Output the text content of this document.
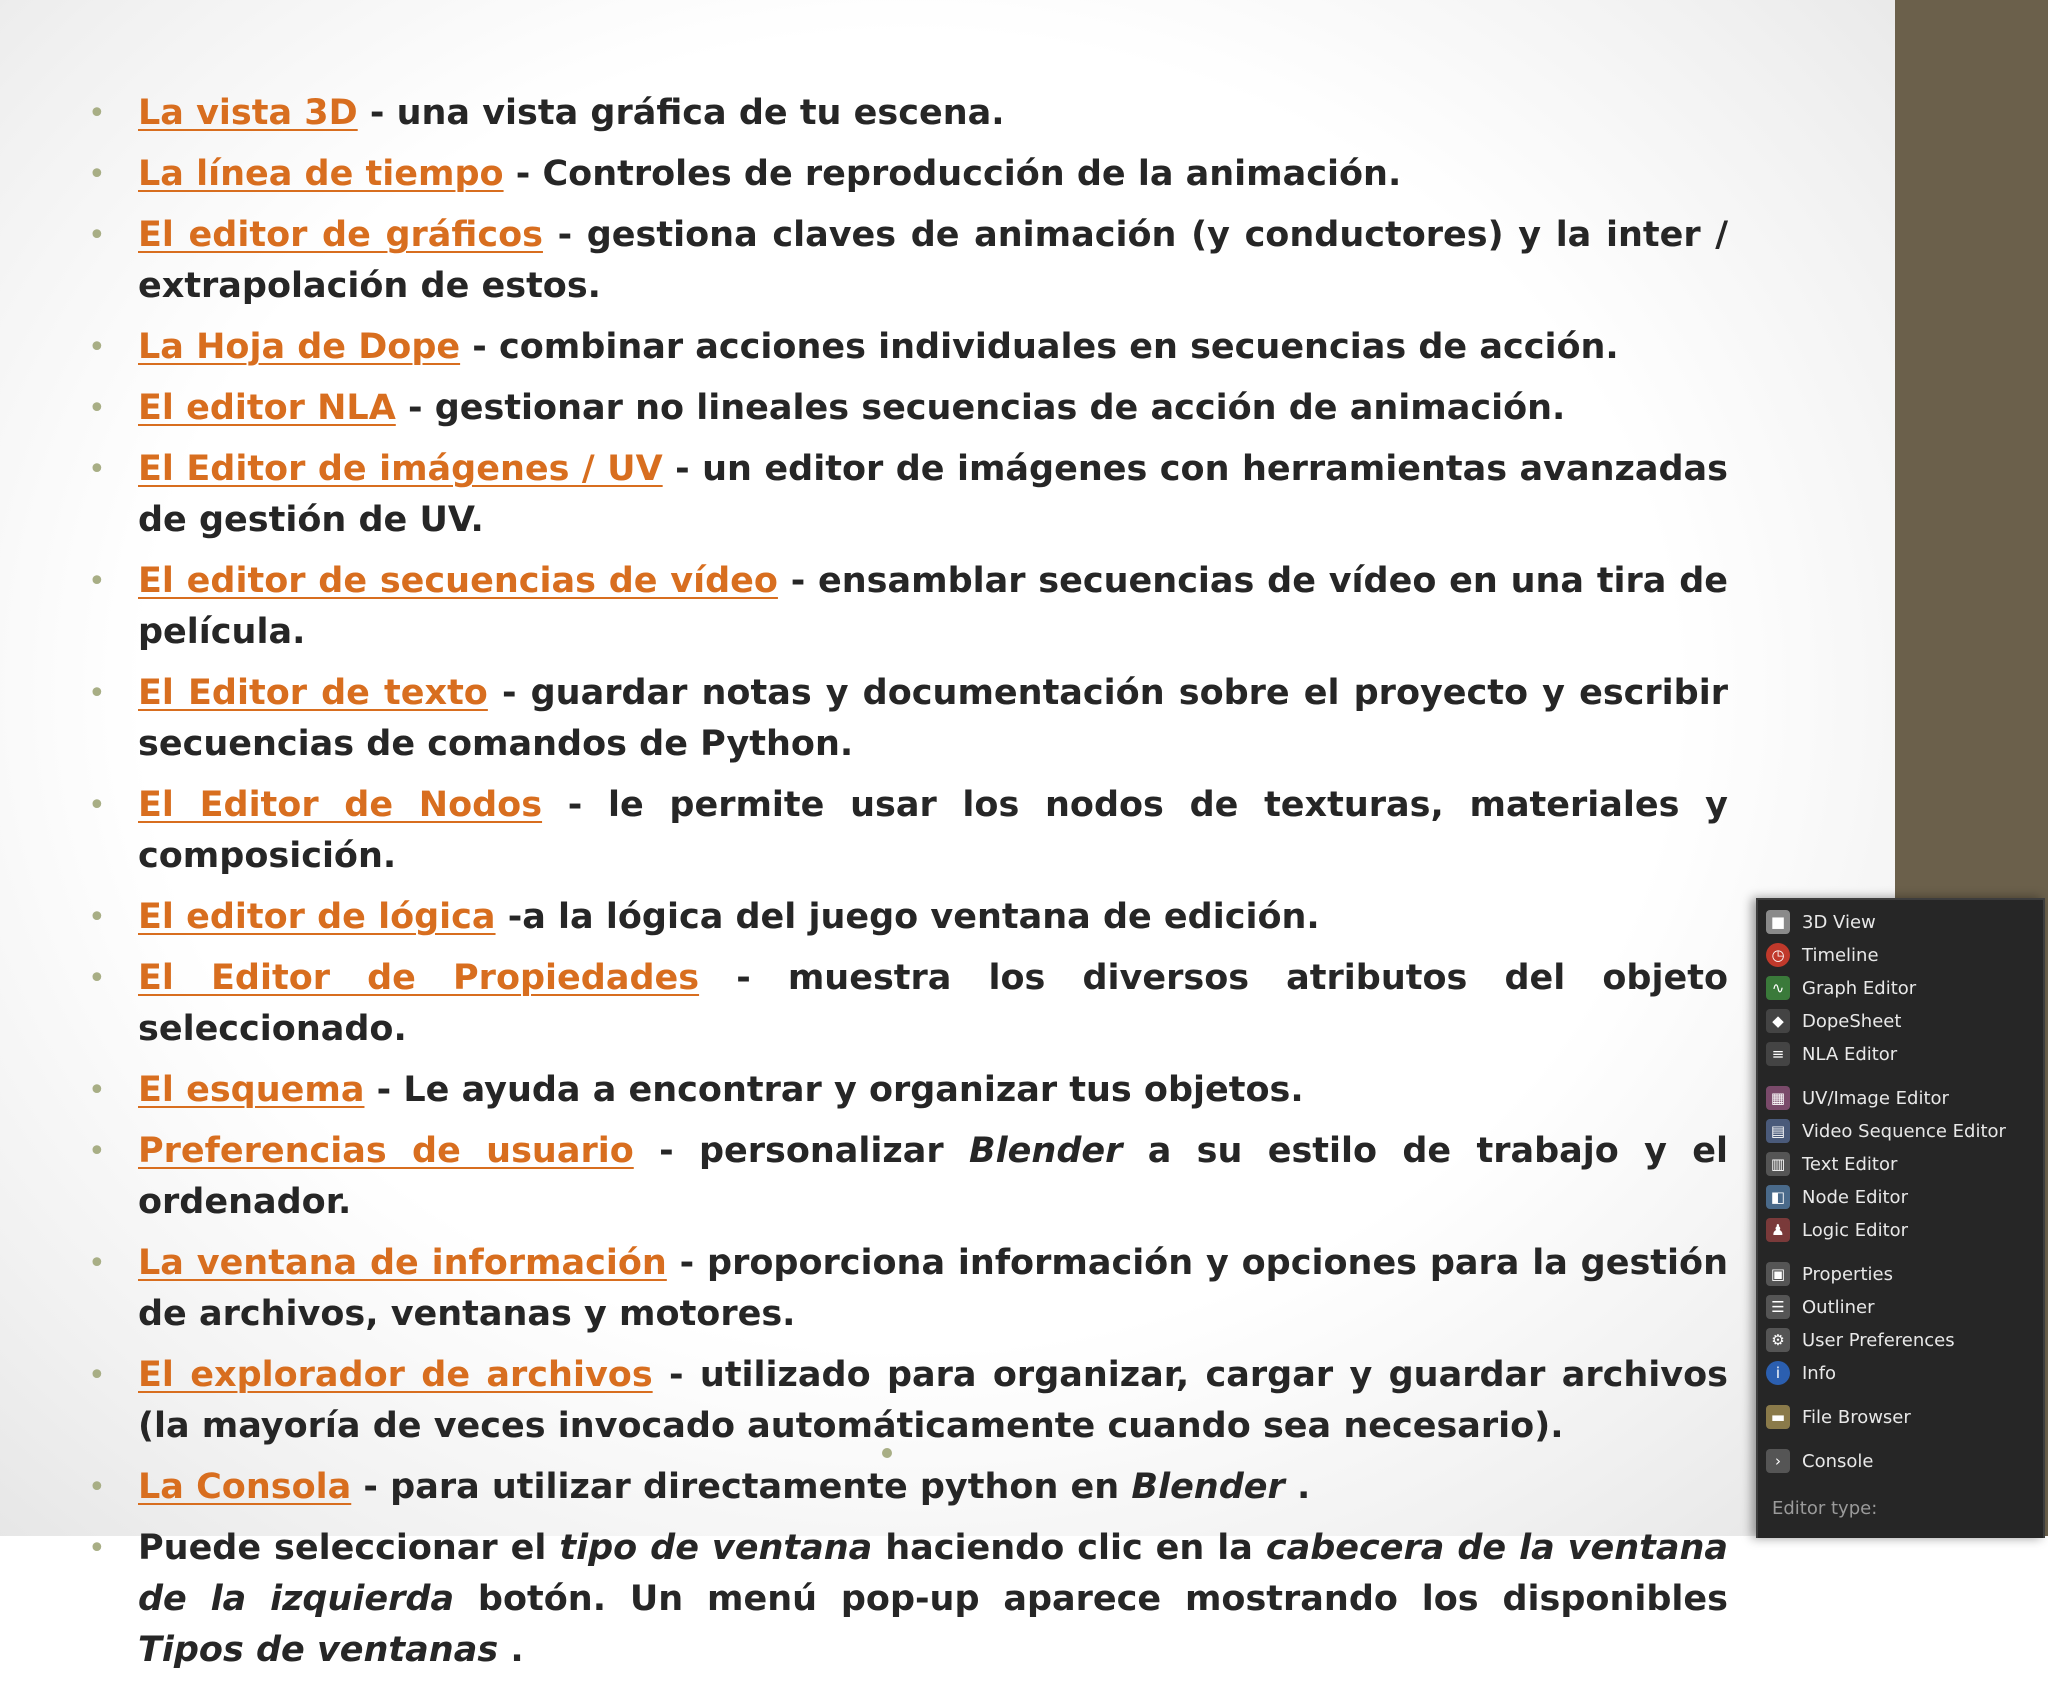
• La vista 3D - una vista gráfica de tu escena.
• La línea de tiempo - Controles de reproducción de la animación.
• El editor de gráficos - gestiona claves de animación (y conductores) y la inter / extrapolación de estos.
• La Hoja de Dope - combinar acciones individuales en secuencias de acción.
• El editor NLA - gestionar no lineales secuencias de acción de animación.
• El Editor de imágenes / UV - un editor de imágenes con herramientas avanzadas de gestión de UV.
• El editor de secuencias de vídeo - ensamblar secuencias de vídeo en una tira de película.
• El Editor de texto - guardar notas y documentación sobre el proyecto y escribir secuencias de comandos de Python.
• El Editor de Nodos - le permite usar los nodos de texturas, materiales y composición.
• El editor de lógica -a la lógica del juego ventana de edición.
• El Editor de Propiedades - muestra los diversos atributos del objeto seleccionado.
• El esquema - Le ayuda a encontrar y organizar tus objetos.
• Preferencias de usuario - personalizar Blender a su estilo de trabajo y el ordenador.
• La ventana de información - proporciona información y opciones para la gestión de archivos, ventanas y motores.
• El explorador de archivos - utilizado para organizar, cargar y guardar archivos (la mayoría de veces invocado automáticamente cuando sea necesario).
• La Consola - para utilizar directamente python en Blender .
• Puede seleccionar el tipo de ventana haciendo clic en la cabecera de la ventana de la izquierda botón. Un menú pop-up aparece mostrando los disponibles Tipos de ventanas .
■ 3D View
◷ Timeline
∿ Graph Editor
◆	DopeSheet
≡ NLA Editor
▦ UV/Image Editor
▤ Video Sequence Editor
▥ Text Editor
◧ Node Editor
♟ Logic Editor
▣ Properties
☰ Outliner
⚙ User Preferences
i	Info
▬ File Browser
›	Console
Editor type:
